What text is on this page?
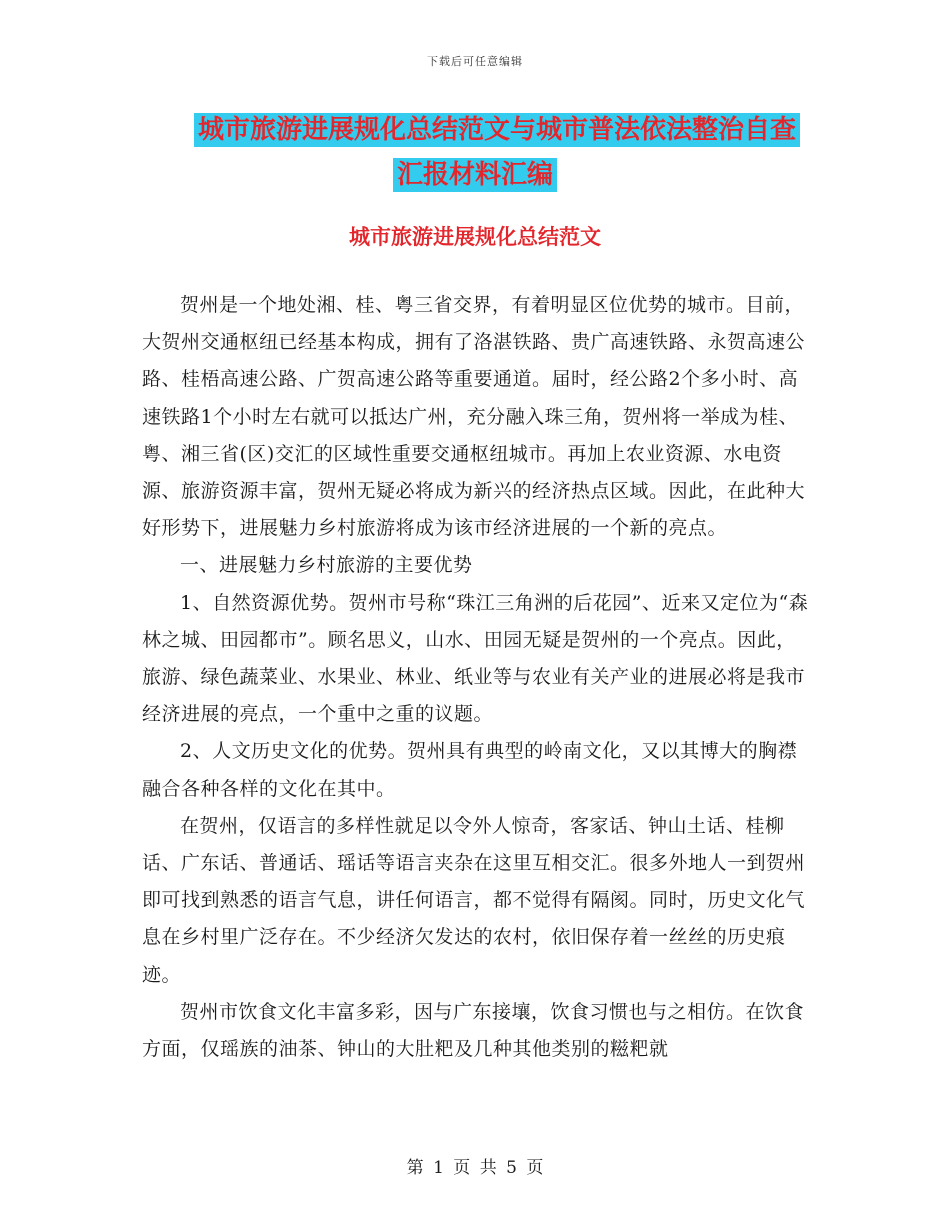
下载后可任意编辑
城市旅游进展规化总结范文与城市普法依法整治自查
汇报材料汇编
城市旅游进展规化总结范文

贺州是一个地处湘、桂、粤三省交界，有着明显区位优势的城市。目前，大贺州交通枢纽已经基本构成，拥有了洛湛铁路、贵广高速铁路、永贺高速公路、桂梧高速公路、广贺高速公路等重要通道。届时，经公路2个多小时、高速铁路1个小时左右就可以抵达广州，充分融入珠三角，贺州将一举成为桂、粤、湘三省(区)交汇的区域性重要交通枢纽城市。再加上农业资源、水电资源、旅游资源丰富，贺州无疑必将成为新兴的经济热点区域。因此，在此种大好形势下，进展魅力乡村旅游将成为该市经济进展的一个新的亮点。

一、进展魅力乡村旅游的主要优势

1、自然资源优势。贺州市号称“珠江三角洲的后花园”、近来又定位为“森林之城、田园都市”。顾名思义，山水、田园无疑是贺州的一个亮点。因此，旅游、绿色蔬菜业、水果业、林业、纸业等与农业有关产业的进展必将是我市经济进展的亮点，一个重中之重的议题。

2、人文历史文化的优势。贺州具有典型的岭南文化，又以其博大的胸襟融合各种各样的文化在其中。

在贺州，仅语言的多样性就足以令外人惊奇，客家话、钟山土话、桂柳话、广东话、普通话、瑶话等语言夹杂在这里互相交汇。很多外地人一到贺州即可找到熟悉的语言气息，讲任何语言，都不觉得有隔阂。同时，历史文化气息在乡村里广泛存在。不少经济欠发达的农村，依旧保存着一丝丝的历史痕迹。

贺州市饮食文化丰富多彩，因与广东接壤，饮食习惯也与之相仿。在饮食方面，仅瑶族的油茶、钟山的大肚粑及几种其他类别的糍粑就

第 1 页 共 5 页
